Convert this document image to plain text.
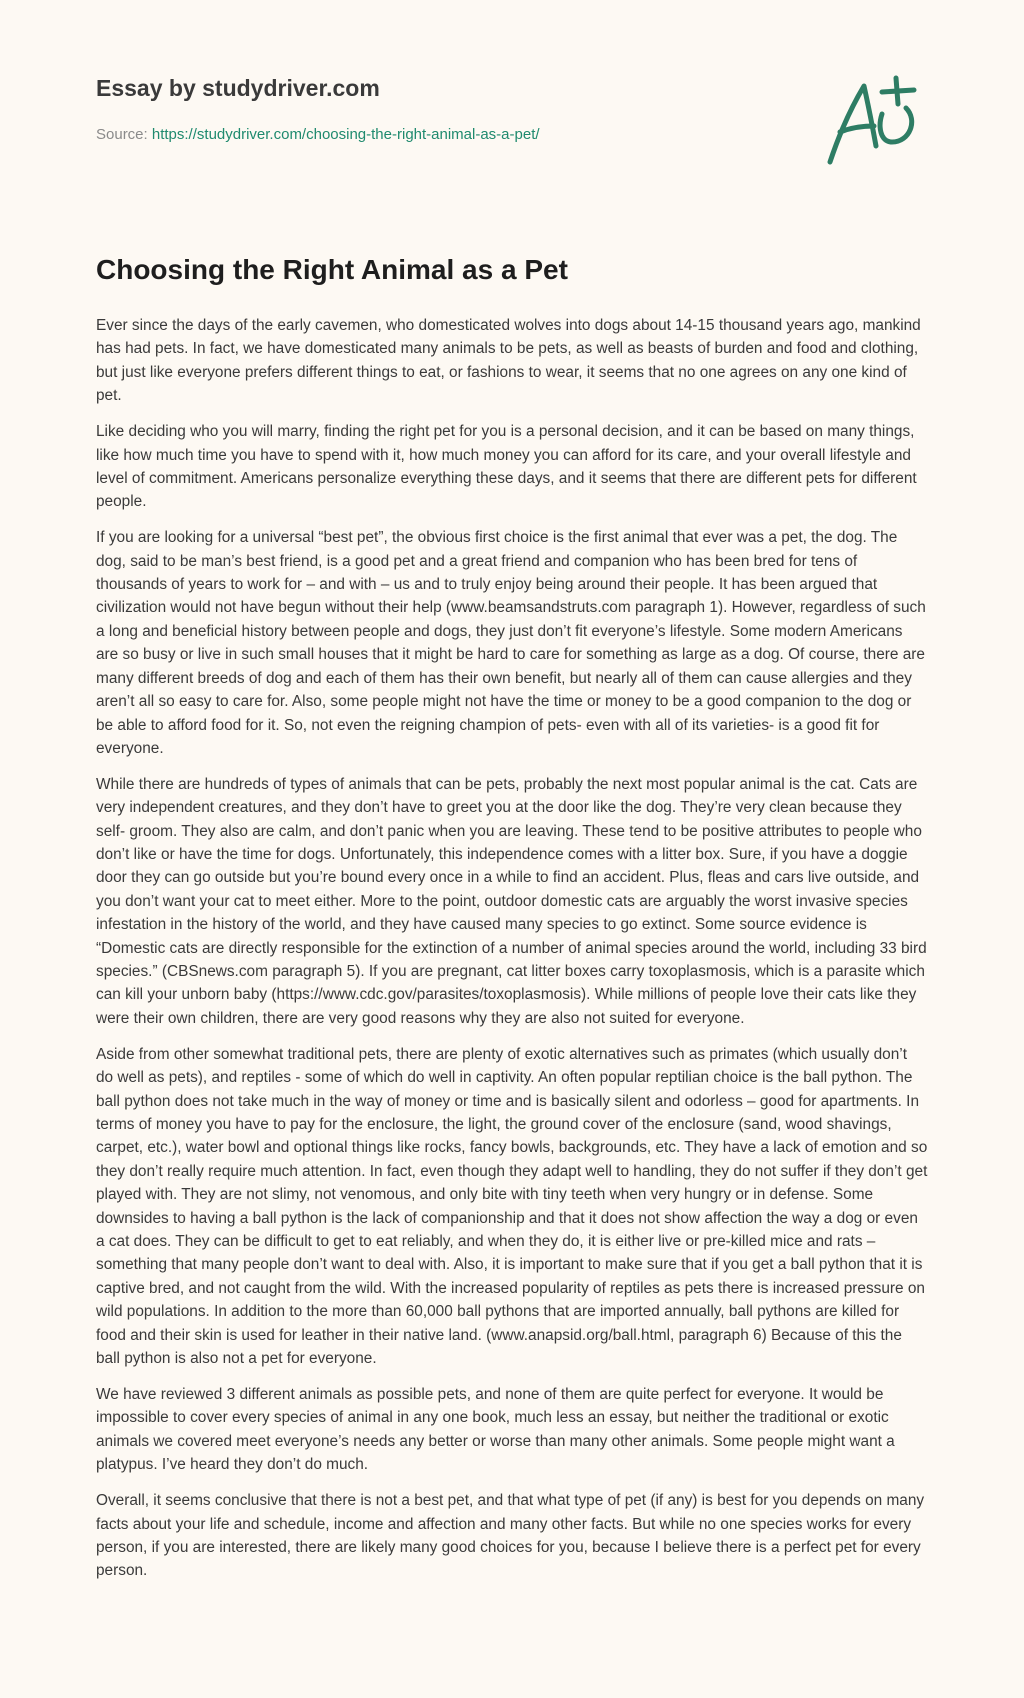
Essay by studydriver.com
Source: https://studydriver.com/choosing-the-right-animal-as-a-pet/
Choosing the Right Animal as a Pet

Ever since the days of the early cavemen, who domesticated wolves into dogs about 14-15 thousand years ago, mankind has had pets. In fact, we have domesticated many animals to be pets, as well as beasts of burden and food and clothing, but just like everyone prefers different things to eat, or fashions to wear, it seems that no one agrees on any one kind of pet.

Like deciding who you will marry, finding the right pet for you is a personal decision, and it can be based on many things, like how much time you have to spend with it, how much money you can afford for its care, and your overall lifestyle and level of commitment. Americans personalize everything these days, and it seems that there are different pets for different people.

If you are looking for a universal “best pet”, the obvious first choice is the first animal that ever was a pet, the dog. The dog, said to be man’s best friend, is a good pet and a great friend and companion who has been bred for tens of thousands of years to work for – and with – us and to truly enjoy being around their people. It has been argued that civilization would not have begun without their help (www.beamsandstruts.com paragraph 1). However, regardless of such a long and beneficial history between people and dogs, they just don’t fit everyone’s lifestyle. Some modern Americans are so busy or live in such small houses that it might be hard to care for something as large as a dog. Of course, there are many different breeds of dog and each of them has their own benefit, but nearly all of them can cause allergies and they aren’t all so easy to care for. Also, some people might not have the time or money to be a good companion to the dog or be able to afford food for it. So, not even the reigning champion of pets- even with all of its varieties- is a good fit for everyone.

While there are hundreds of types of animals that can be pets, probably the next most popular animal is the cat. Cats are very independent creatures, and they don’t have to greet you at the door like the dog. They’re very clean because they self- groom. They also are calm, and don’t panic when you are leaving. These tend to be positive attributes to people who don’t like or have the time for dogs. Unfortunately, this independence comes with a litter box. Sure, if you have a doggie door they can go outside but you’re bound every once in a while to find an accident. Plus, fleas and cars live outside, and you don’t want your cat to meet either. More to the point, outdoor domestic cats are arguably the worst invasive species infestation in the history of the world, and they have caused many species to go extinct. Some source evidence is “Domestic cats are directly responsible for the extinction of a number of animal species around the world, including 33 bird species.” (CBSnews.com paragraph 5). If you are pregnant, cat litter boxes carry toxoplasmosis, which is a parasite which can kill your unborn baby (https://www.cdc.gov/parasites/toxoplasmosis). While millions of people love their cats like they were their own children, there are very good reasons why they are also not suited for everyone.

Aside from other somewhat traditional pets, there are plenty of exotic alternatives such as primates (which usually don’t do well as pets), and reptiles - some of which do well in captivity. An often popular reptilian choice is the ball python. The ball python does not take much in the way of money or time and is basically silent and odorless – good for apartments. In terms of money you have to pay for the enclosure, the light, the ground cover of the enclosure (sand, wood shavings, carpet, etc.), water bowl and optional things like rocks, fancy bowls, backgrounds, etc. They have a lack of emotion and so they don’t really require much attention. In fact, even though they adapt well to handling, they do not suffer if they don’t get played with. They are not slimy, not venomous, and only bite with tiny teeth when very hungry or in defense. Some downsides to having a ball python is the lack of companionship and that it does not show affection the way a dog or even a cat does. They can be difficult to get to eat reliably, and when they do, it is either live or pre-killed mice and rats – something that many people don’t want to deal with. Also, it is important to make sure that if you get a ball python that it is captive bred, and not caught from the wild. With the increased popularity of reptiles as pets there is increased pressure on wild populations. In addition to the more than 60,000 ball pythons that are imported annually, ball pythons are killed for food and their skin is used for leather in their native land. (www.anapsid.org/ball.html, paragraph 6) Because of this the ball python is also not a pet for everyone.

We have reviewed 3 different animals as possible pets, and none of them are quite perfect for everyone. It would be impossible to cover every species of animal in any one book, much less an essay, but neither the traditional or exotic animals we covered meet everyone’s needs any better or worse than many other animals. Some people might want a platypus. I’ve heard they don’t do much.

Overall, it seems conclusive that there is not a best pet, and that what type of pet (if any) is best for you depends on many facts about your life and schedule, income and affection and many other facts. But while no one species works for every person, if you are interested, there are likely many good choices for you, because I believe there is a perfect pet for every person.
